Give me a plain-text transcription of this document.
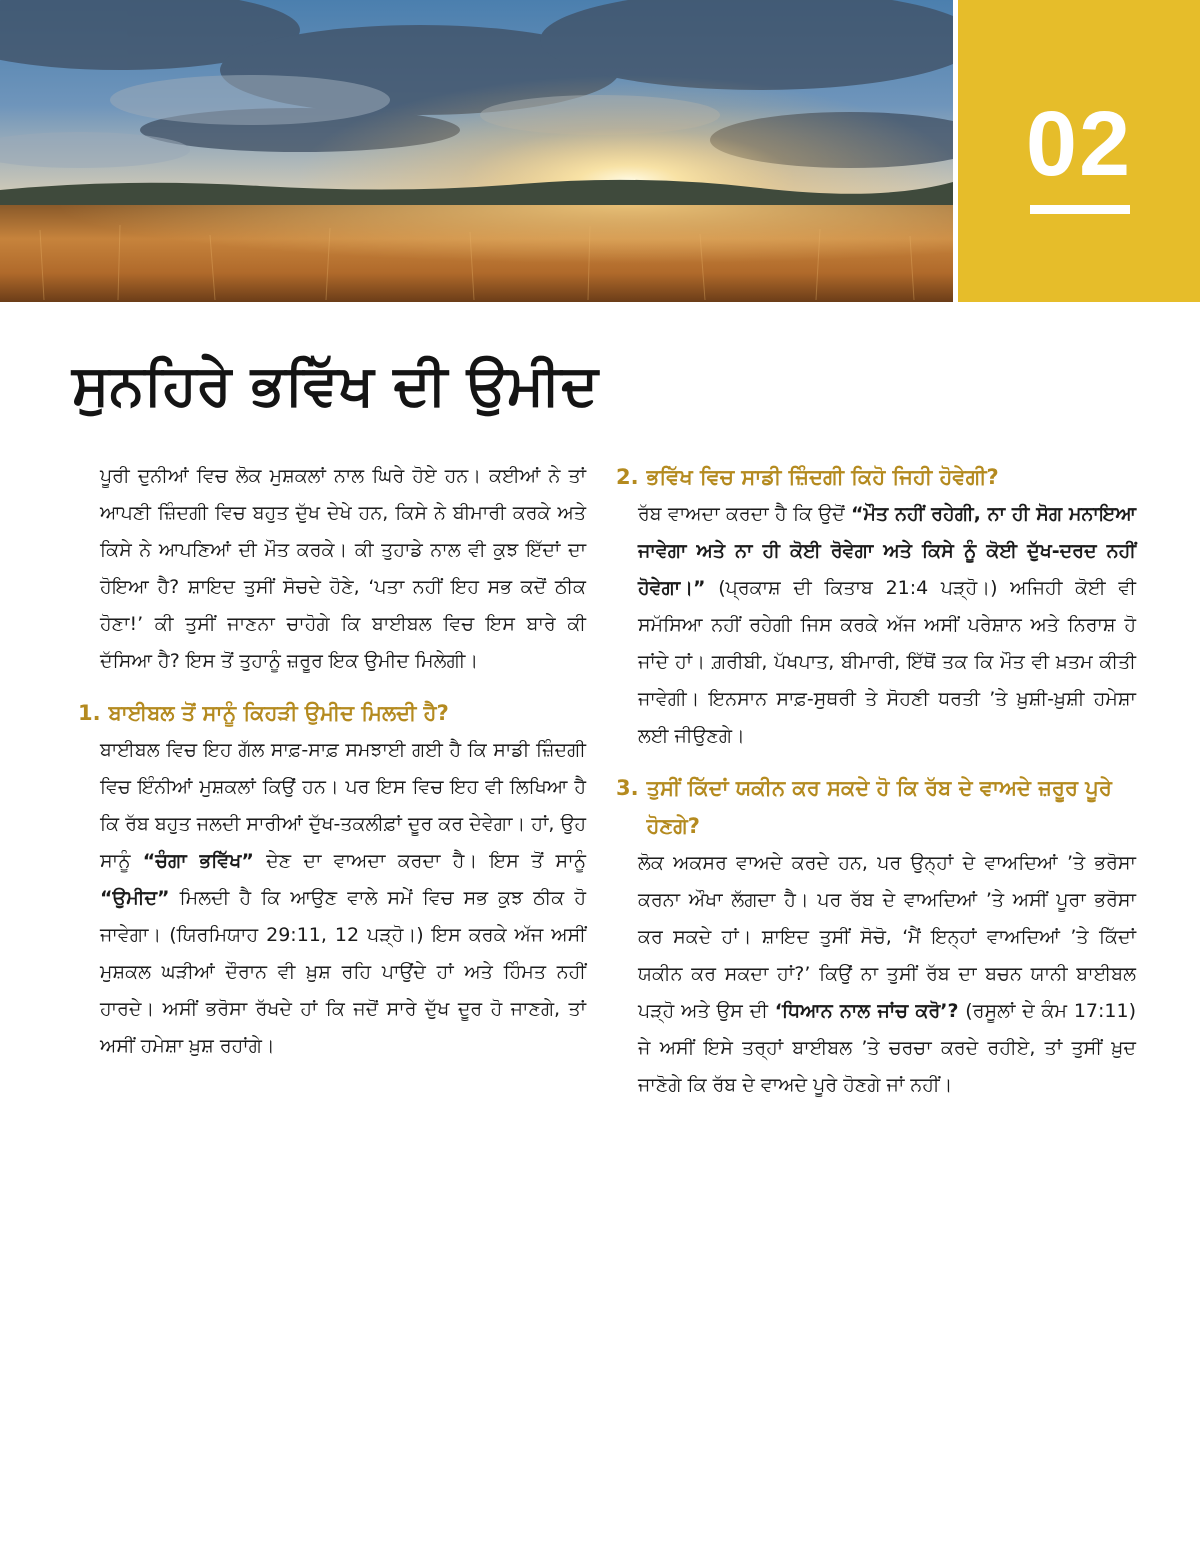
02
ਸੁਨਹਿਰੇ ਭਵਿੱਖ ਦੀ ਉਮੀਦ

ਪੂਰੀ ਦੁਨੀਆਂ ਵਿਚ ਲੋਕ ਮੁਸ਼ਕਲਾਂ ਨਾਲ ਘਿਰੇ ਹੋਏ ਹਨ। ਕਈਆਂ ਨੇ ਤਾਂ ਆਪਣੀ ਜ਼ਿੰਦਗੀ ਵਿਚ ਬਹੁਤ ਦੁੱਖ ਦੇਖੇ ਹਨ, ਕਿਸੇ ਨੇ ਬੀਮਾਰੀ ਕਰਕੇ ਅਤੇ ਕਿਸੇ ਨੇ ਆਪਣਿਆਂ ਦੀ ਮੌਤ ਕਰਕੇ। ਕੀ ਤੁਹਾਡੇ ਨਾਲ ਵੀ ਕੁਝ ਇੱਦਾਂ ਦਾ ਹੋਇਆ ਹੈ? ਸ਼ਾਇਦ ਤੁਸੀਂ ਸੋਚਦੇ ਹੋਣੇ, ‘ਪਤਾ ਨਹੀਂ ਇਹ ਸਭ ਕਦੋਂ ਠੀਕ ਹੋਣਾ!’ ਕੀ ਤੁਸੀਂ ਜਾਣਨਾ ਚਾਹੋਗੇ ਕਿ ਬਾਈਬਲ ਵਿਚ ਇਸ ਬਾਰੇ ਕੀ ਦੱਸਿਆ ਹੈ? ਇਸ ਤੋਂ ਤੁਹਾਨੂੰ ਜ਼ਰੂਰ ਇਕ ਉਮੀਦ ਮਿਲੇਗੀ।

1. ਬਾਈਬਲ ਤੋਂ ਸਾਨੂੰ ਕਿਹੜੀ ਉਮੀਦ ਮਿਲਦੀ ਹੈ?

ਬਾਈਬਲ ਵਿਚ ਇਹ ਗੱਲ ਸਾਫ਼-ਸਾਫ਼ ਸਮਝਾਈ ਗਈ ਹੈ ਕਿ ਸਾਡੀ ਜ਼ਿੰਦਗੀ ਵਿਚ ਇੰਨੀਆਂ ਮੁਸ਼ਕਲਾਂ ਕਿਉਂ ਹਨ। ਪਰ ਇਸ ਵਿਚ ਇਹ ਵੀ ਲਿਖਿਆ ਹੈ ਕਿ ਰੱਬ ਬਹੁਤ ਜਲਦੀ ਸਾਰੀਆਂ ਦੁੱਖ-ਤਕਲੀਫ਼ਾਂ ਦੂਰ ਕਰ ਦੇਵੇਗਾ। ਹਾਂ, ਉਹ ਸਾਨੂੰ “ਚੰਗਾ ਭਵਿੱਖ” ਦੇਣ ਦਾ ਵਾਅਦਾ ਕਰਦਾ ਹੈ। ਇਸ ਤੋਂ ਸਾਨੂੰ “ਉਮੀਦ” ਮਿਲਦੀ ਹੈ ਕਿ ਆਉਣ ਵਾਲੇ ਸਮੇਂ ਵਿਚ ਸਭ ਕੁਝ ਠੀਕ ਹੋ ਜਾਵੇਗਾ। (ਯਿਰਮਿਯਾਹ 29:11, 12 ਪੜ੍ਹੋ।) ਇਸ ਕਰਕੇ ਅੱਜ ਅਸੀਂ ਮੁਸ਼ਕਲ ਘੜੀਆਂ ਦੌਰਾਨ ਵੀ ਖ਼ੁਸ਼ ਰਹਿ ਪਾਉਂਦੇ ਹਾਂ ਅਤੇ ਹਿੰਮਤ ਨਹੀਂ ਹਾਰਦੇ। ਅਸੀਂ ਭਰੋਸਾ ਰੱਖਦੇ ਹਾਂ ਕਿ ਜਦੋਂ ਸਾਰੇ ਦੁੱਖ ਦੂਰ ਹੋ ਜਾਣਗੇ, ਤਾਂ ਅਸੀਂ ਹਮੇਸ਼ਾ ਖ਼ੁਸ਼ ਰਹਾਂਗੇ।

2. ਭਵਿੱਖ ਵਿਚ ਸਾਡੀ ਜ਼ਿੰਦਗੀ ਕਿਹੋ ਜਿਹੀ ਹੋਵੇਗੀ?

ਰੱਬ ਵਾਅਦਾ ਕਰਦਾ ਹੈ ਕਿ ਉਦੋਂ “ਮੌਤ ਨਹੀਂ ਰਹੇਗੀ, ਨਾ ਹੀ ਸੋਗ ਮਨਾਇਆ ਜਾਵੇਗਾ ਅਤੇ ਨਾ ਹੀ ਕੋਈ ਰੋਵੇਗਾ ਅਤੇ ਕਿਸੇ ਨੂੰ ਕੋਈ ਦੁੱਖ-ਦਰਦ ਨਹੀਂ ਹੋਵੇਗਾ।” (ਪ੍ਰਕਾਸ਼ ਦੀ ਕਿਤਾਬ 21:4 ਪੜ੍ਹੋ।) ਅਜਿਹੀ ਕੋਈ ਵੀ ਸਮੱਸਿਆ ਨਹੀਂ ਰਹੇਗੀ ਜਿਸ ਕਰਕੇ ਅੱਜ ਅਸੀਂ ਪਰੇਸ਼ਾਨ ਅਤੇ ਨਿਰਾਸ਼ ਹੋ ਜਾਂਦੇ ਹਾਂ। ਗ਼ਰੀਬੀ, ਪੱਖਪਾਤ, ਬੀਮਾਰੀ, ਇੱਥੋਂ ਤਕ ਕਿ ਮੌਤ ਵੀ ਖ਼ਤਮ ਕੀਤੀ ਜਾਵੇਗੀ। ਇਨਸਾਨ ਸਾਫ਼-ਸੁਥਰੀ ਤੇ ਸੋਹਣੀ ਧਰਤੀ ’ਤੇ ਖ਼ੁਸ਼ੀ-ਖ਼ੁਸ਼ੀ ਹਮੇਸ਼ਾ ਲਈ ਜੀਉਣਗੇ।

3. ਤੁਸੀਂ ਕਿੱਦਾਂ ਯਕੀਨ ਕਰ ਸਕਦੇ ਹੋ ਕਿ ਰੱਬ ਦੇ ਵਾਅਦੇ ਜ਼ਰੂਰ ਪੂਰੇ ਹੋਣਗੇ?

ਲੋਕ ਅਕਸਰ ਵਾਅਦੇ ਕਰਦੇ ਹਨ, ਪਰ ਉਨ੍ਹਾਂ ਦੇ ਵਾਅਦਿਆਂ ’ਤੇ ਭਰੋਸਾ ਕਰਨਾ ਔਖਾ ਲੱਗਦਾ ਹੈ। ਪਰ ਰੱਬ ਦੇ ਵਾਅਦਿਆਂ ’ਤੇ ਅਸੀਂ ਪੂਰਾ ਭਰੋਸਾ ਕਰ ਸਕਦੇ ਹਾਂ। ਸ਼ਾਇਦ ਤੁਸੀਂ ਸੋਚੋ, ‘ਮੈਂ ਇਨ੍ਹਾਂ ਵਾਅਦਿਆਂ ’ਤੇ ਕਿੱਦਾਂ ਯਕੀਨ ਕਰ ਸਕਦਾ ਹਾਂ?’ ਕਿਉਂ ਨਾ ਤੁਸੀਂ ਰੱਬ ਦਾ ਬਚਨ ਯਾਨੀ ਬਾਈਬਲ ਪੜ੍ਹੋ ਅਤੇ ਉਸ ਦੀ ‘ਧਿਆਨ ਨਾਲ ਜਾਂਚ ਕਰੋ’? (ਰਸੂਲਾਂ ਦੇ ਕੰਮ 17:11) ਜੇ ਅਸੀਂ ਇਸੇ ਤਰ੍ਹਾਂ ਬਾਈਬਲ ’ਤੇ ਚਰਚਾ ਕਰਦੇ ਰਹੀਏ, ਤਾਂ ਤੁਸੀਂ ਖ਼ੁਦ ਜਾਣੋਗੇ ਕਿ ਰੱਬ ਦੇ ਵਾਅਦੇ ਪੂਰੇ ਹੋਣਗੇ ਜਾਂ ਨਹੀਂ।
